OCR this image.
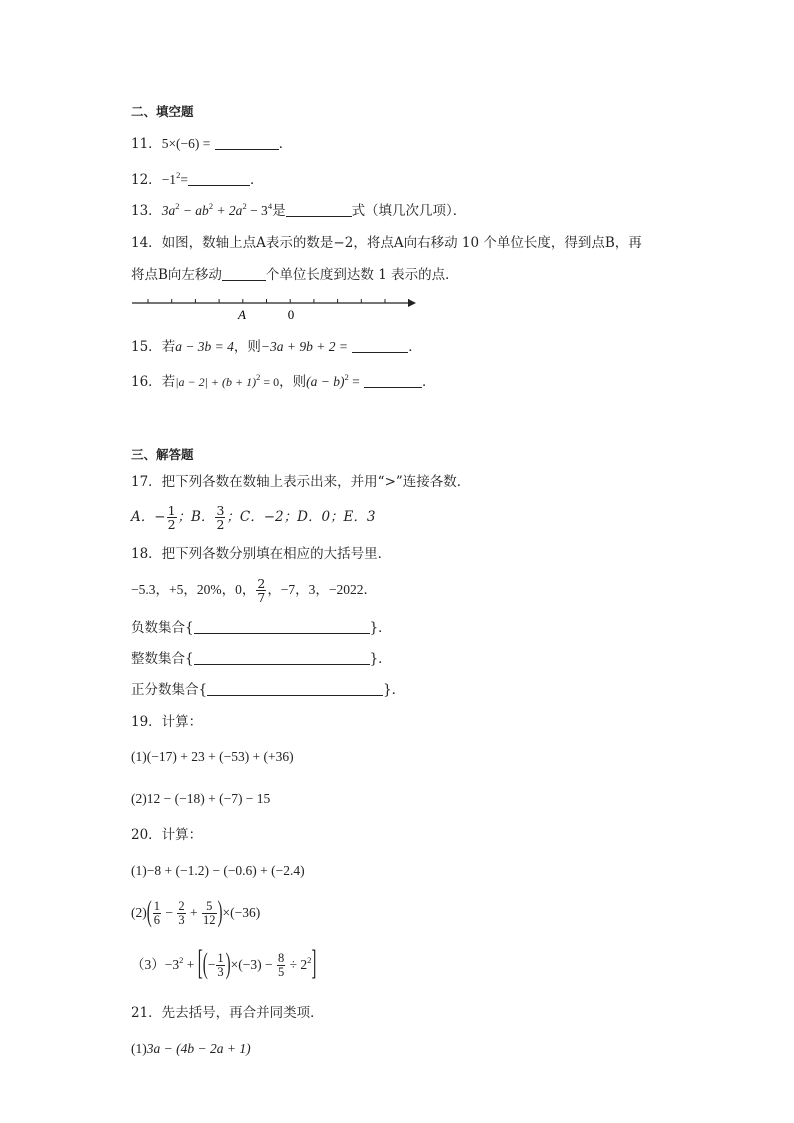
二、填空题
11．5×(−6) =	．
12．$-1^2=$	．
13．$3a^2 - ab^2 + 2a^2 - 3^4$是	式（填几次几项）．
14．如图，数轴上点A表示的数是−2，将点A向右移动 10 个单位长度，得到点B，再
将点B向左移动	个单位长度到达数 1 表示的点．
A	0
15．若a − 3b = 4，则−3a + 9b + 2 =	．
16．若$|a - 2| + (b + 1)^2 = 0$，则$(a - b)^2$ =	．
三、解答题
17．把下列各数在数轴上表示出来，并用“>”连接各数．
A．− $\frac{1}{2}$ ；B． $\frac{3}{2}$ ；C．−2；D．0；E．3
18．把下列各数分别填在相应的大括号里．
−5.3，+5，20%，0， $\frac{2}{7}$ ，−7，3，−2022．
负数集合{	}．
整数集合{	}．
正分数集合{	}．
19．计算：
(1)(−17) + 23 + (−53) + (+36)
(2)12 − (−18) + (−7) − 15
20．计算：
(1)−8 + (−1.2) − (−0.6) + (−2.4)
$(2)( \frac{1}{6} - \frac{2}{3} + \frac{5}{12} )\times(-36)$
$(3)-3^2$ + [(− $\frac{1}{3} )\times(-3) - \frac{8}{5} \div 2^2$]
21．先去括号，再合并同类项．
(1)3a − (4b − 2a + 1)
